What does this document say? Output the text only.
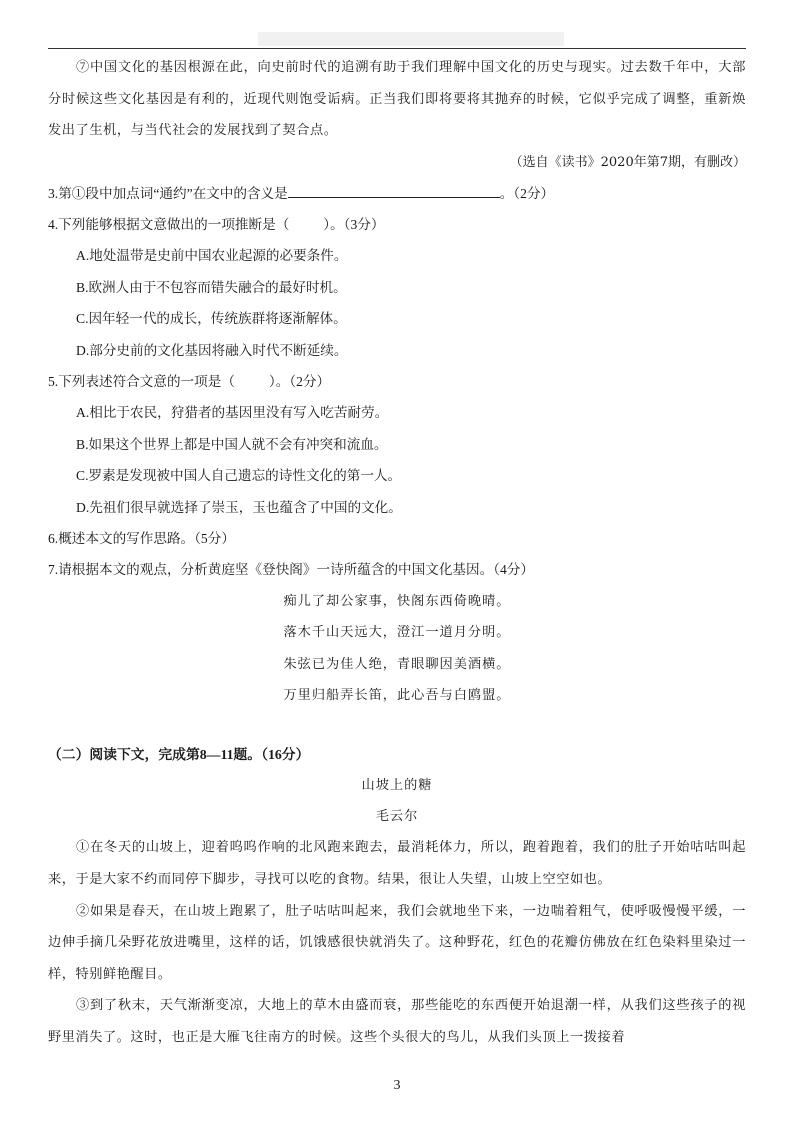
⑦中国文化的基因根源在此，向史前时代的追溯有助于我们理解中国文化的历史与现实。过去数千年中，大部分时候这些文化基因是有利的，近现代则饱受诟病。正当我们即将要将其抛弃的时候，它似乎完成了调整，重新焕发出了生机，与当代社会的发展找到了契合点。

（选自《读书》2020年第7期，有删改）

3.第①段中加点词“通约”在文中的含义是	。（2分）

4.下列能够根据文意做出的一项推断是（	）。（3分）

A.地处温带是史前中国农业起源的必要条件。

B.欧洲人由于不包容而错失融合的最好时机。

C.因年轻一代的成长，传统族群将逐渐解体。

D.部分史前的文化基因将融入时代不断延续。

5.下列表述符合文意的一项是（	）。（2分）

A.相比于农民，狩猎者的基因里没有写入吃苦耐劳。

B.如果这个世界上都是中国人就不会有冲突和流血。

C.罗素是发现被中国人自己遗忘的诗性文化的第一人。

D.先祖们很早就选择了崇玉，玉也蕴含了中国的文化。

6.概述本文的写作思路。（5分）

7.请根据本文的观点，分析黄庭坚《登快阁》一诗所蕴含的中国文化基因。（4分）

痴儿了却公家事，快阁东西倚晚晴。

落木千山天远大，澄江一道月分明。

朱弦已为佳人绝，青眼聊因美酒横。

万里归船弄长笛，此心吾与白鸥盟。

（二）阅读下文，完成第8—11题。（16分）

山坡上的糖

毛云尔

①在冬天的山坡上，迎着呜呜作响的北风跑来跑去，最消耗体力，所以，跑着跑着，我们的肚子开始咕咕叫起来，于是大家不约而同停下脚步，寻找可以吃的食物。结果，很让人失望，山坡上空空如也。

②如果是春天，在山坡上跑累了，肚子咕咕叫起来，我们会就地坐下来，一边喘着粗气，使呼吸慢慢平缓，一边伸手摘几朵野花放进嘴里，这样的话，饥饿感很快就消失了。这种野花，红色的花瓣仿佛放在红色染料里染过一样，特别鲜艳醒目。

③到了秋末，天气渐渐变凉，大地上的草木由盛而衰，那些能吃的东西便开始退潮一样，从我们这些孩子的视野里消失了。这时，也正是大雁飞往南方的时候。这些个头很大的鸟儿，从我们头顶上一拨接着

3
